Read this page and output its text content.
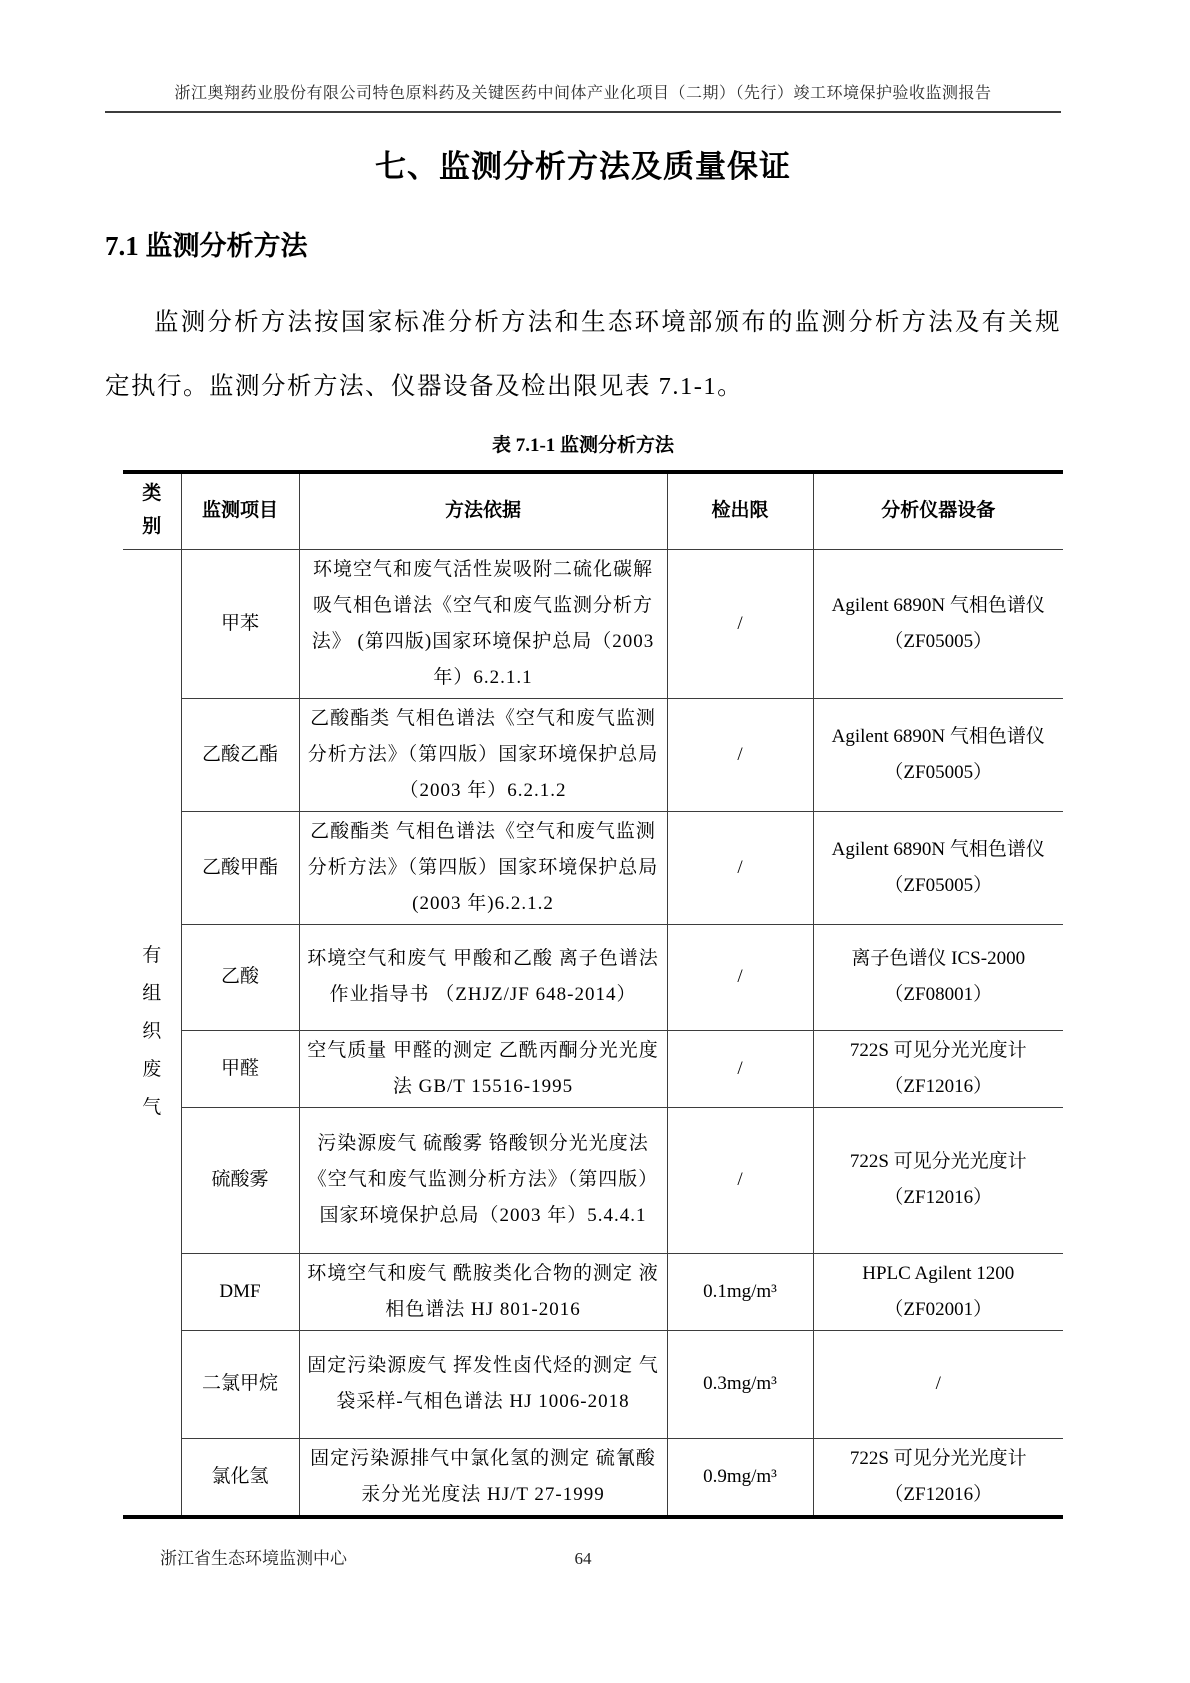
浙江奥翔药业股份有限公司特色原料药及关键医药中间体产业化项目（二期）（先行）竣工环境保护验收监测报告
七、监测分析方法及质量保证
7.1 监测分析方法

监测分析方法按国家标准分析方法和生态环境部颁布的监测分析方法及有关规定执行。监测分析方法、仪器设备及检出限见表 7.1-1。

表 7.1-1 监测分析方法
类别	监测项目	方法依据	检出限	分析仪器设备
有组织废气	甲苯	环境空气和废气活性炭吸附二硫化碳解吸气相色谱法《空气和废气监测分析方法》 (第四版)国家环境保护总局（2003 年）6.2.1.1	/	Agilent 6890N 气相色谱仪（ZF05005）
	乙酸乙酯	乙酸酯类 气相色谱法《空气和废气监测分析方法》（第四版）国家环境保护总局（2003 年）6.2.1.2	/	Agilent 6890N 气相色谱仪（ZF05005）
	乙酸甲酯	乙酸酯类 气相色谱法《空气和废气监测分析方法》（第四版）国家环境保护总局(2003 年)6.2.1.2	/	Agilent 6890N 气相色谱仪（ZF05005）
	乙酸	环境空气和废气 甲酸和乙酸 离子色谱法 作业指导书 （ZHJZ/JF 648-2014）	/	离子色谱仪 ICS-2000（ZF08001）
	甲醛	空气质量 甲醛的测定 乙酰丙酮分光光度法 GB/T 15516-1995	/	722S 可见分光光度计（ZF12016）
	硫酸雾	污染源废气 硫酸雾 铬酸钡分光光度法《空气和废气监测分析方法》（第四版）国家环境保护总局（2003 年）5.4.4.1	/	722S 可见分光光度计（ZF12016）
	DMF	环境空气和废气 酰胺类化合物的测定 液相色谱法 HJ 801-2016	0.1mg/m³	HPLC Agilent 1200（ZF02001）
	二氯甲烷	固定污染源废气 挥发性卤代烃的测定 气袋采样-气相色谱法 HJ 1006-2018	0.3mg/m³	/
	氯化氢	固定污染源排气中氯化氢的测定 硫氰酸汞分光光度法 HJ/T 27-1999	0.9mg/m³	722S 可见分光光度计（ZF12016）
浙江省生态环境监测中心	64
